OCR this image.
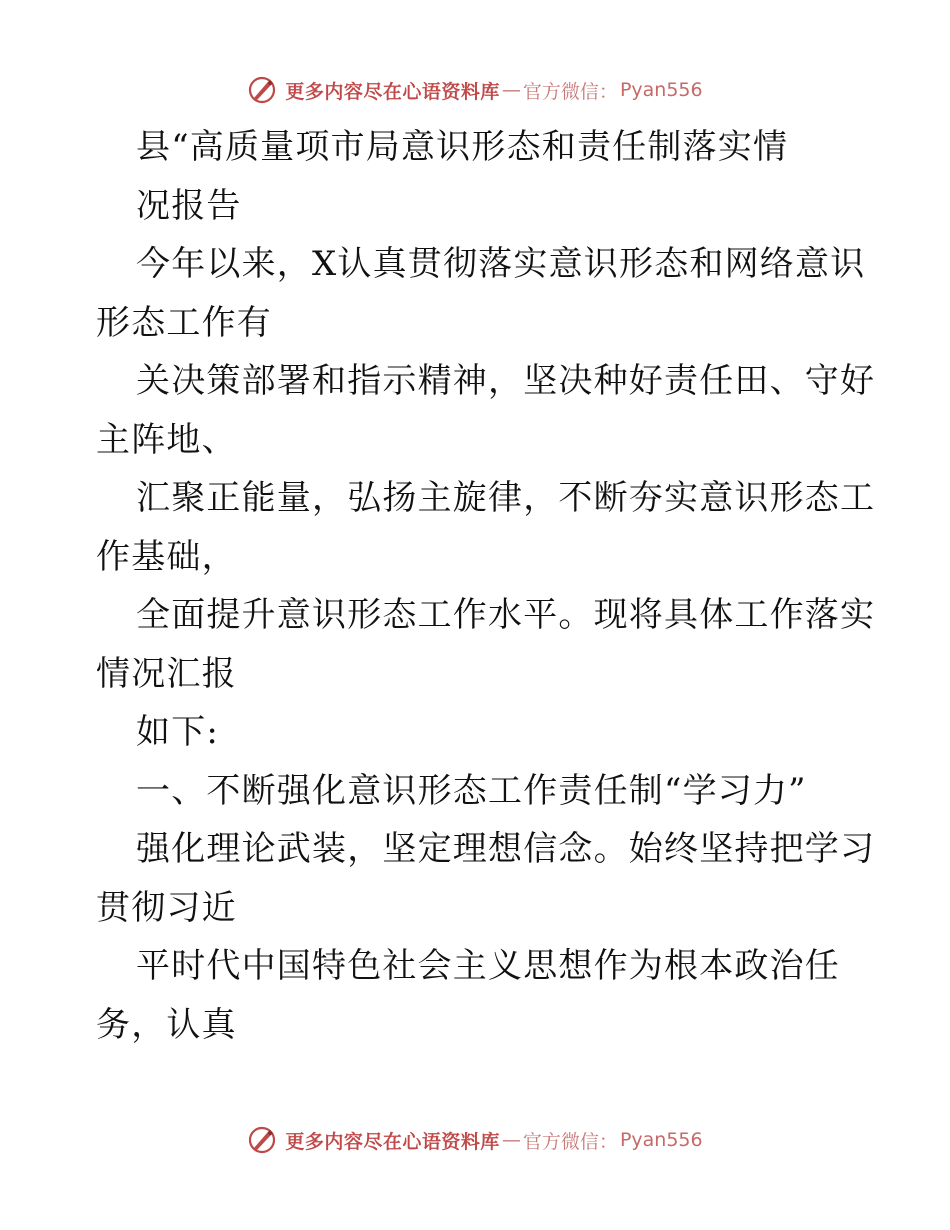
更多内容尽在心语资料库 — 官方微信： Pyan556
县“高质量项市局意识形态和责任制落实情
况报告
今年以来，X认真贯彻落实意识形态和网络意识
形态工作有
关决策部署和指示精神，坚决种好责任田、守好
主阵地、
汇聚正能量，弘扬主旋律，不断夯实意识形态工
作基础，
全面提升意识形态工作水平。现将具体工作落实
情况汇报
如下:
一、不断强化意识形态工作责任制“学习力”
强化理论武装，坚定理想信念。始终坚持把学习
贯彻习近
平时代中国特色社会主义思想作为根本政治任
务，认真
更多内容尽在心语资料库 — 官方微信： Pyan556
